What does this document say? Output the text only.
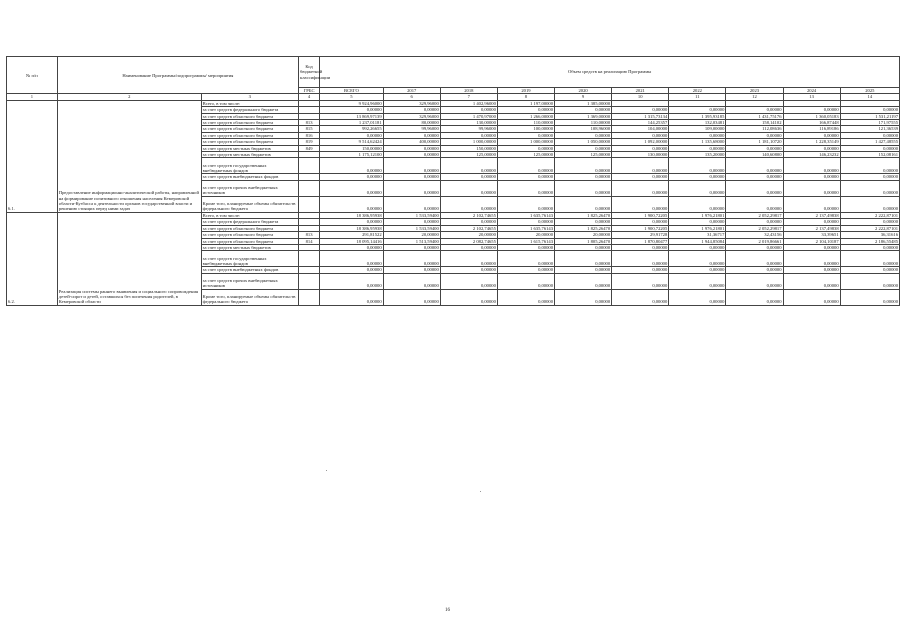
№ п/п	Наименование Программы/подпрограммы/ мероприятия		Код бюджетной классификации	Объем средств на реализацию Программы									
			ГРБС	ВСЕГО	2017	2018	2019	2020	2021	2022	2023	2024	2025
1	2	3	4	5	6	7	8	9	10	11	12	13	14
6.1.	Предоставление информационно-аналитической работы, направленной на формирование позитивного отношения населения Кемеровской области-Кузбасса к деятельности органов государственной власти и решению стоящих перед ними задач	Всего, в том числе:		9 924,96000	329,96000	1 402,96000	1 197,00000	1 385,00000					
		за счет средств федерального бюджета		0,00000	0,00000	0,00000	0,00000	0,00000	0,00000	0,00000	0,00000	0,00000	0,00000
		за счет средств областного бюджета		13 869,97139	329,96000	1 470,97000	1 266,00000	1 369,00000	1 315,73134	1 395,93185	1 431,75176	1 360,05183	1 531,21197
		за счет средств областного бюджета	813	1 237,01181	80,00000	130,00000	110,00000	110,00000	144,25357	132,03481	158,14102	166,87448	171,97555
		за счет средств областного бюджета	815	992,26655	99,96000	99,96000	100,00000	108,96000	104,00000	109,00000	112,08636	116,89186	121,36539
		за счет средств областного бюджета	816	0,00000	0,00000	0,00000	0,00000	0,00000	0,00000	0,00000	0,00000	0,00000	0,00000
		за счет средств областного бюджета	819	9 514,62424	400,00000	1 000,00000	1 000,00000	1 050,00000	1 092,00000	1 135,68000	1 181,10720	1 228,35149	1 427,48555
		за счет средств местных бюджетов	849	150,00000	0,00000	150,00000	0,00000	0,00000	0,00000	0,00000	0,00000	0,00000	0,00000
		за счет средств местных бюджетов		1 175,12100	0,00000	125,00000	125,00000	125,00000	130,00000	135,20000	140,60800	146,23232	152,08161
		за счет средств государственных внебюджетных фондов		0,00000	0,00000	0,00000	0,00000	0,00000	0,00000	0,00000	0,00000	0,00000	0,00000
		за счет средств внебюджетных фондов		0,00000	0,00000	0,00000	0,00000	0,00000	0,00000	0,00000	0,00000	0,00000	0,00000
		за счет средств прочих внебюджетных источников		0,00000	0,00000	0,00000	0,00000	0,00000	0,00000	0,00000	0,00000	0,00000	0,00000
		Кроме того, планируемые объемы обязательств федерального бюджета		0,00000	0,00000	0,00000	0,00000	0,00000	0,00000	0,00000	0,00000	0,00000	0,00000
6.2.	Реализация системы раннего выявления и социального сопровождения детей-сирот и детей, оставшихся без попечения родителей, в Кемеровской области	Всего, в том числе:		18 386,95938	1 533,59400	2 102,74655	1 635,76143	1 825,26470	1 900,72205	1 976,21801	2 052,29817	2 137,49838	2 222,87101
		за счет средств федерального бюджета		0,00000	0,00000	0,00000	0,00000	0,00000	0,00000	0,00000	0,00000	0,00000	0,00000
		за счет средств областного бюджета		18 386,95938	1 533,59400	2 102,74655	1 635,76143	1 825,26470	1 900,72205	1 976,21801	2 052,29817	2 137,49838	2 222,87101
		за счет средств областного бюджета	813	291,81522	20,00000	20,00000	20,00000	20,00000	29,91728	31,36717	32,43156	33,39651	36,31616
		за счет средств областного бюджета	814	18 095,14416	1 513,59400	2 082,74655	1 615,76143	1 805,26470	1 870,80477	1 944,85084	2 019,86661	2 104,10187	2 186,55485
		за счет средств местных бюджетов		0,00000	0,00000	0,00000	0,00000	0,00000	0,00000	0,00000	0,00000	0,00000	0,00000
		за счет средств государственных внебюджетных фондов		0,00000	0,00000	0,00000	0,00000	0,00000	0,00000	0,00000	0,00000	0,00000	0,00000
		за счет средств внебюджетных фондов		0,00000	0,00000	0,00000	0,00000	0,00000	0,00000	0,00000	0,00000	0,00000	0,00000
		за счет средств прочих внебюджетных источников		0,00000	0,00000	0,00000	0,00000	0,00000	0,00000	0,00000	0,00000	0,00000	0,00000
		Кроме того, планируемые объемы обязательств федерального бюджета		0,00000	0,00000	0,00000	0,00000	0,00000	0,00000	0,00000	0,00000	0,00000	0,00000
16
